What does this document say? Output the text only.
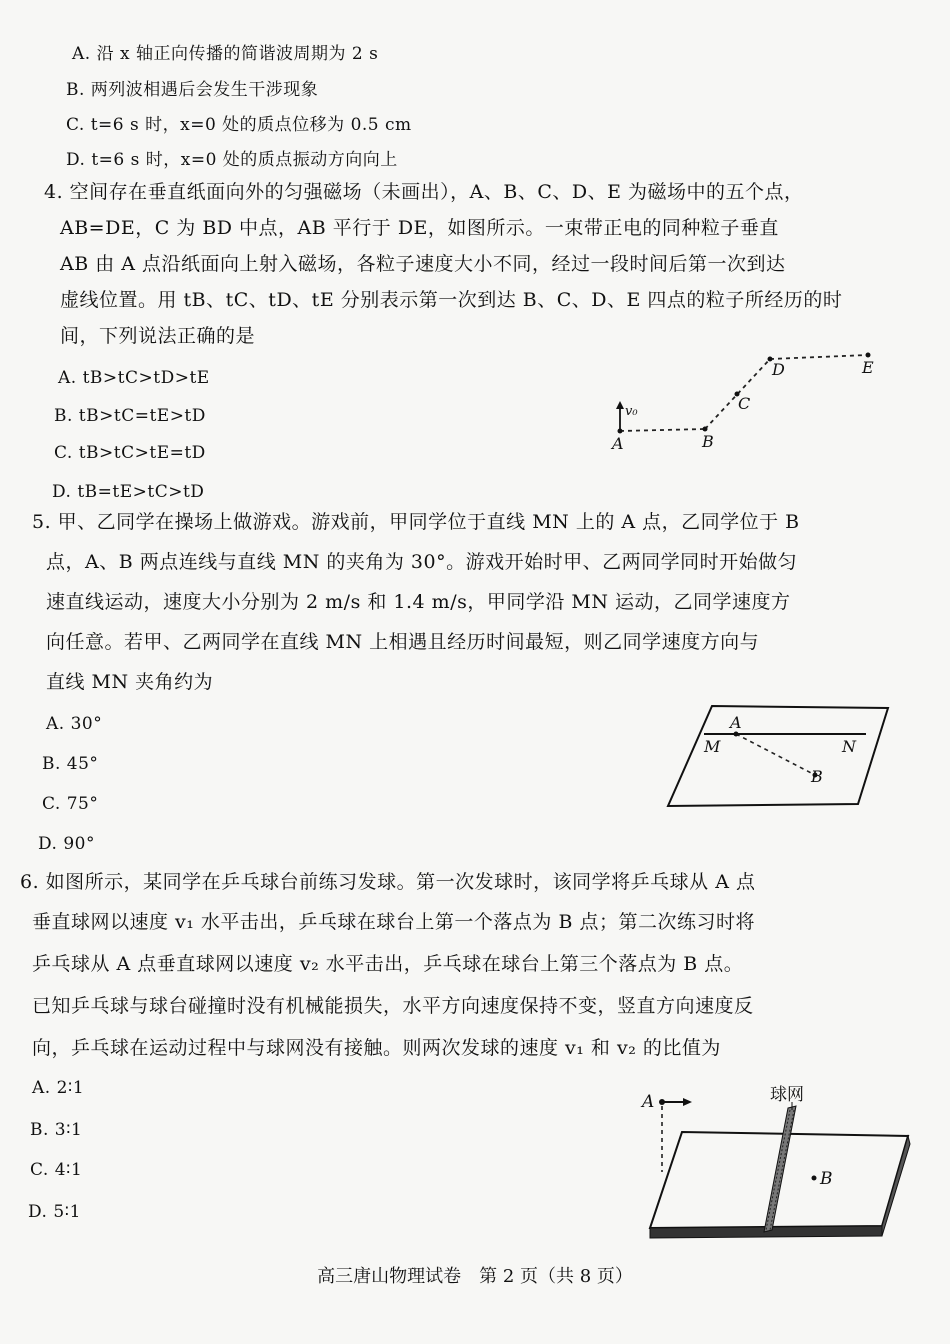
A. 沿 x 轴正向传播的简谐波周期为 2 s
B. 两列波相遇后会发生干涉现象
C. t=6 s 时，x=0 处的质点位移为 0.5 cm
D. t=6 s 时，x=0 处的质点振动方向向上
4. 空间存在垂直纸面向外的匀强磁场（未画出），A、B、C、D、E 为磁场中的五个点，
AB=DE，C 为 BD 中点，AB 平行于 DE，如图所示。一束带正电的同种粒子垂直
AB 由 A 点沿纸面向上射入磁场，各粒子速度大小不同，经过一段时间后第一次到达
虚线位置。用 tB、tC、tD、tE 分别表示第一次到达 B、C、D、E 四点的粒子所经历的时
间，下列说法正确的是
A. tB>tC>tD>tE
B. tB>tC=tE>tD
C. tB>tC>tE=tD
D. tB=tE>tC>tD
v₀
A	B
C
D	E
5. 甲、乙同学在操场上做游戏。游戏前，甲同学位于直线 MN 上的 A 点，乙同学位于 B
点，A、B 两点连线与直线 MN 的夹角为 30°。游戏开始时甲、乙两同学同时开始做匀
速直线运动，速度大小分别为 2 m/s 和 1.4 m/s，甲同学沿 MN 运动，乙同学速度方
向任意。若甲、乙两同学在直线 MN 上相遇且经历时间最短，则乙同学速度方向与
直线 MN 夹角约为
A. 30°
B. 45°
C. 75°
D. 90°
A
M	N
B
6. 如图所示，某同学在乒乓球台前练习发球。第一次发球时，该同学将乒乓球从 A 点
垂直球网以速度 v₁ 水平击出，乒乓球在球台上第一个落点为 B 点；第二次练习时将
乒乓球从 A 点垂直球网以速度 v₂ 水平击出，乒乓球在球台上第三个落点为 B 点。
已知乒乓球与球台碰撞时没有机械能损失，水平方向速度保持不变，竖直方向速度反
向，乒乓球在运动过程中与球网没有接触。则两次发球的速度 v₁ 和 v₂ 的比值为
A. 2∶1
B. 3∶1
C. 4∶1
D. 5∶1
A	球网
B
高三唐山物理试卷　第 2 页（共 8 页）
